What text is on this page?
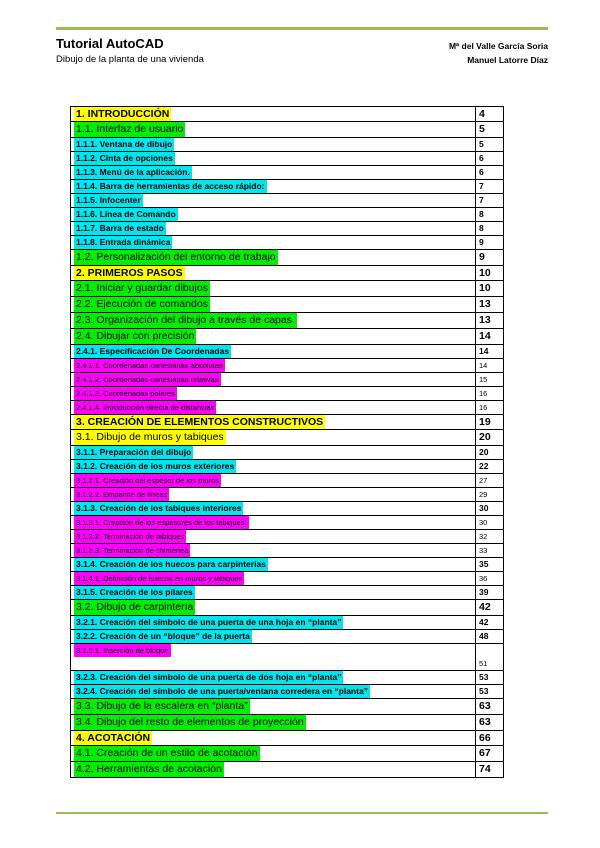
Tutorial AutoCAD
Dibujo de la planta de una vivienda
Mª del Valle García Soria
Manuel Latorre Díaz
1. INTRODUCCIÓN	4
1.1. Interfaz de usuario	5
1.1.1. Ventana de dibujo	5
1.1.2. Cinta de opciones	6
1.1.3. Menú de la aplicación.	6
1.1.4. Barra de herramientas de acceso rápido:	7
1.1.5. Infocenter	7
1.1.6. Línea de Comando	8
1.1.7. Barra de estado	8
1.1.8. Entrada dinámica	9
1.2. Personalización del entorno de trabajo	9
2. PRIMEROS PASOS	10
2.1. Iniciar y guardar dibujos	10
2.2. Ejecución de comandos	13
2.3. Organización del dibujo a través de capas.	13
2.4. Dibujar con precisión	14
2.4.1. Especificación De Coordenadas	14
2.4.1.1. Coordenadas cartesianas absolutas	14
2.4.1.2. Coordenadas cartesianas relativas	15
2.4.1.3. Coordenadas polares	16
2.4.1.4. Introducción directa de distancias	16
3. CREACIÓN DE ELEMENTOS CONSTRUCTIVOS	19
3.1. Dibujo de muros y tabiques	20
3.1.1. Preparación del dibujo	20
3.1.2. Creación de los muros exteriores	22
3.1.2.1. Creación del espesor de los muros	27
3.1.2.2. Empalme de líneas	29
3.1.3. Creación de los tabiques interiores	30
3.1.3.1. Creación de los espesores de los tabiques.	30
3.1.3.2. Terminación de tabiques	32
3.1.3.3. Terminación de chimenea	33
3.1.4. Creación de los huecos para carpinterías	35
3.1.4.1. Definición de huecos en muros y tabiques	36
3.1.5. Creación de los pilares	39
3.2. Dibujo de carpintería	42
3.2.1. Creación del símbolo de una puerta de una hoja en “planta”	42
3.2.2. Creación de un “bloque” de la puerta	48
3.2.2.1. Inserción de bloque	51
3.2.3. Creación del símbolo de una puerta de dos hoja en “planta”	53
3.2.4. Creación del símbolo de una puerta/ventana corredera en “planta”	53
3.3. Dibujo de la escalera en “planta”	63
3.4. Dibujo del resto de elementos de proyección	63
4. ACOTACIÓN	66
4.1. Creación de un estilo de acotación	67
4.2. Herramientas de acotación	74
